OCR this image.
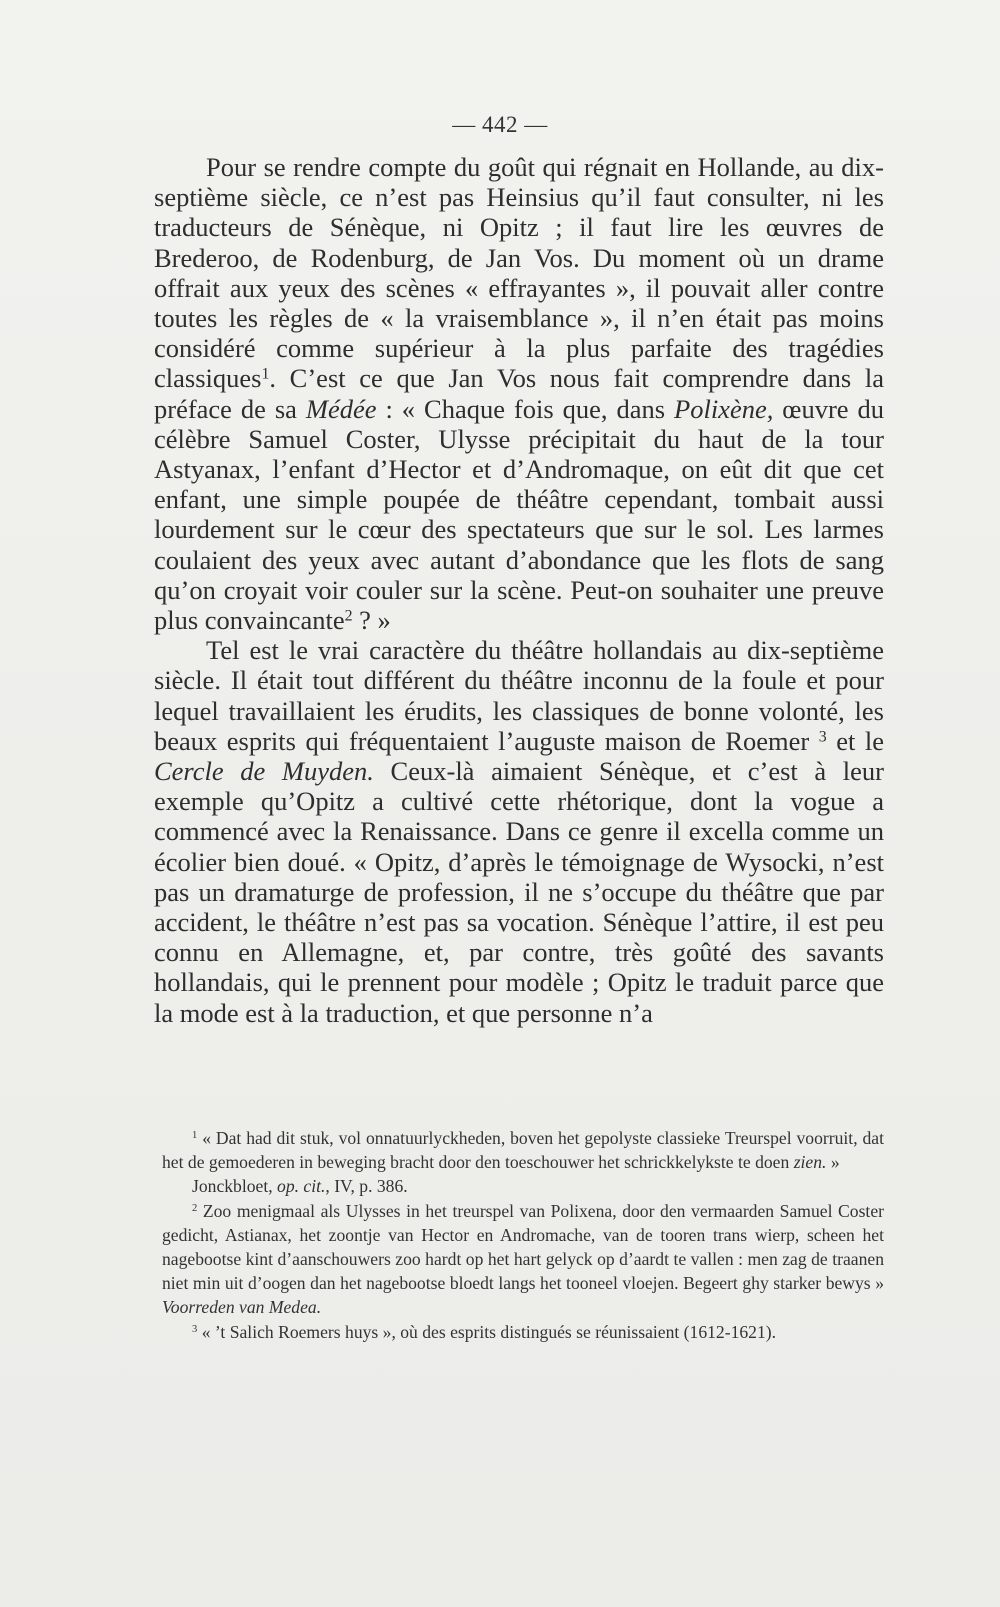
— 442 —

Pour se rendre compte du goût qui régnait en Hollande, au dix-septième siècle, ce n’est pas Heinsius qu’il faut consulter, ni les traducteurs de Sénèque, ni Opitz ; il faut lire les œuvres de Brederoo, de Rodenburg, de Jan Vos. Du moment où un drame offrait aux yeux des scènes « effrayantes », il pouvait aller contre toutes les règles de « la vraisemblance », il n’en était pas moins considéré comme supérieur à la plus parfaite des tragédies classiques$^1$. C’est ce que Jan Vos nous fait comprendre dans la préface de sa Médée : « Chaque fois que, dans Polixène, œuvre du célèbre Samuel Coster, Ulysse précipitait du haut de la tour Astyanax, l’enfant d’Hector et d’Andromaque, on eût dit que cet enfant, une simple poupée de théâtre cependant, tombait aussi lourdement sur le cœur des spectateurs que sur le sol. Les larmes coulaient des yeux avec autant d’abondance que les flots de sang qu’on croyait voir couler sur la scène. Peut-on souhaiter une preuve plus convaincante$^2$ ? »

Tel est le vrai caractère du théâtre hollandais au dix-septième siècle. Il était tout différent du théâtre inconnu de la foule et pour lequel travaillaient les érudits, les classiques de bonne volonté, les beaux esprits qui fréquentaient l’auguste maison de Roemer $^3$ et le Cercle de Muyden. Ceux-là aimaient Sénèque, et c’est à leur exemple qu’Opitz a cultivé cette rhétorique, dont la vogue a commencé avec la Renaissance. Dans ce genre il excella comme un écolier bien doué. « Opitz, d’après le témoignage de Wysocki, n’est pas un dramaturge de profession, il ne s’occupe du théâtre que par accident, le théâtre n’est pas sa vocation. Sénèque l’attire, il est peu connu en Allemagne, et, par contre, très goûté des savants hollandais, qui le prennent pour modèle ; Opitz le traduit parce que la mode est à la traduction, et que personne n’a

$^1$ « Dat had dit stuk, vol onnatuurlyckheden, boven het gepolyste classieke Treurspel voorruit, dat het de gemoederen in beweging bracht door den toeschouwer het schrickkelykste te doen zien. »

Jonckbloet, op. cit., IV, p. 386.

$^2$ Zoo menigmaal als Ulysses in het treurspel van Polixena, door den vermaarden Samuel Coster gedicht, Astianax, het zoontje van Hector en Andromache, van de tooren trans wierp, scheen het nagebootse kint d’aanschouwers zoo hardt op het hart gelyck op d’aardt te vallen : men zag de traanen niet min uit d’oogen dan het nagebootse bloedt langs het tooneel vloejen. Begeert ghy starker bewys » Voorreden van Medea.

$^3$ « ’t Salich Roemers huys », où des esprits distingués se réunissaient (1612-1621).
